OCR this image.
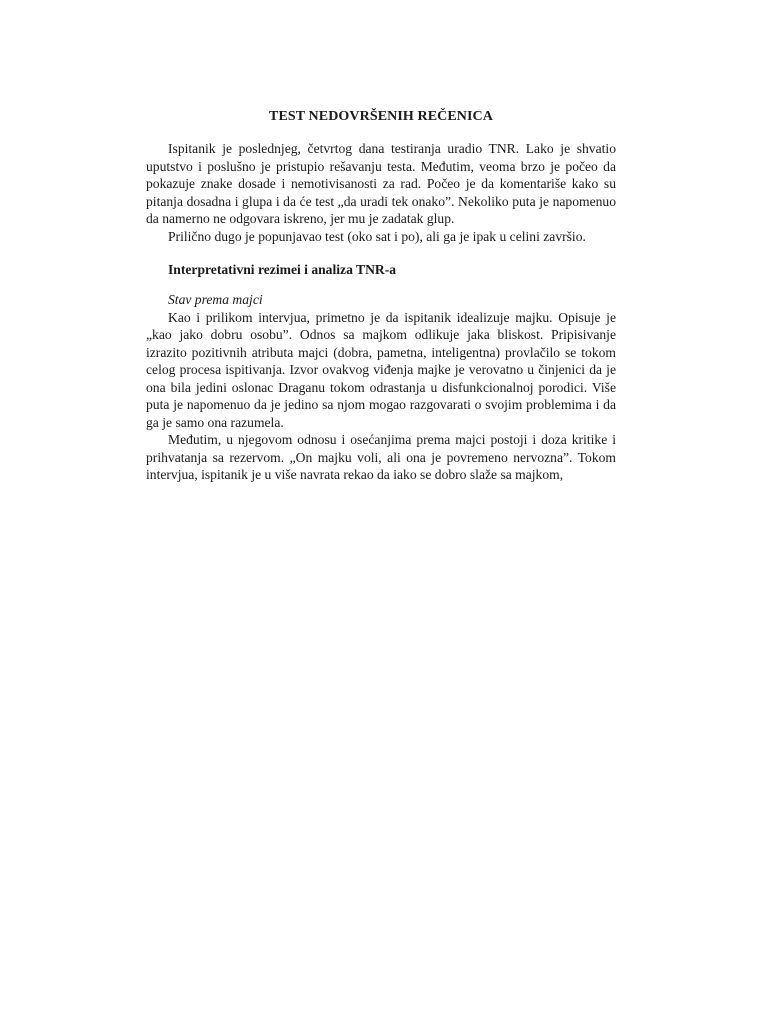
TEST NEDOVRŠENIH REČENICA

Ispitanik je poslednjeg, četvrtog dana testiranja uradio TNR. Lako je shvatio uputstvo i poslušno je pristupio rešavanju testa. Međutim, veoma brzo je počeo da pokazuje znake dosade i nemotivisanosti za rad. Počeo je da komentariše kako su pitanja dosadna i glupa i da će test „da uradi tek onako”. Nekoliko puta je napomenuo da namerno ne odgovara iskreno, jer mu je zadatak glup.

Prilično dugo je popunjavao test (oko sat i po), ali ga je ipak u celini završio.

Interpretativni rezimei i analiza TNR-a
Stav prema majci

Kao i prilikom intervjua, primetno je da ispitanik idealizuje majku. Opisuje je „kao jako dobru osobu”. Odnos sa majkom odlikuje jaka bliskost. Pripisivanje izrazito pozitivnih atributa majci (dobra, pametna, inteligentna) provlačilo se tokom celog procesa ispitivanja. Izvor ovakvog viđenja majke je verovatno u činjenici da je ona bila jedini oslonac Draganu tokom odrastanja u disfunkcionalnoj porodici. Više puta je napomenuo da je jedino sa njom mogao razgovarati o svojim problemima i da ga je samo ona razumela.

Međutim, u njegovom odnosu i osećanjima prema majci postoji i doza kritike i prihvatanja sa rezervom. „On majku voli, ali ona je povremeno nervozna”. Tokom intervjua, ispitanik je u više navrata rekao da iako se dobro slaže sa majkom,
